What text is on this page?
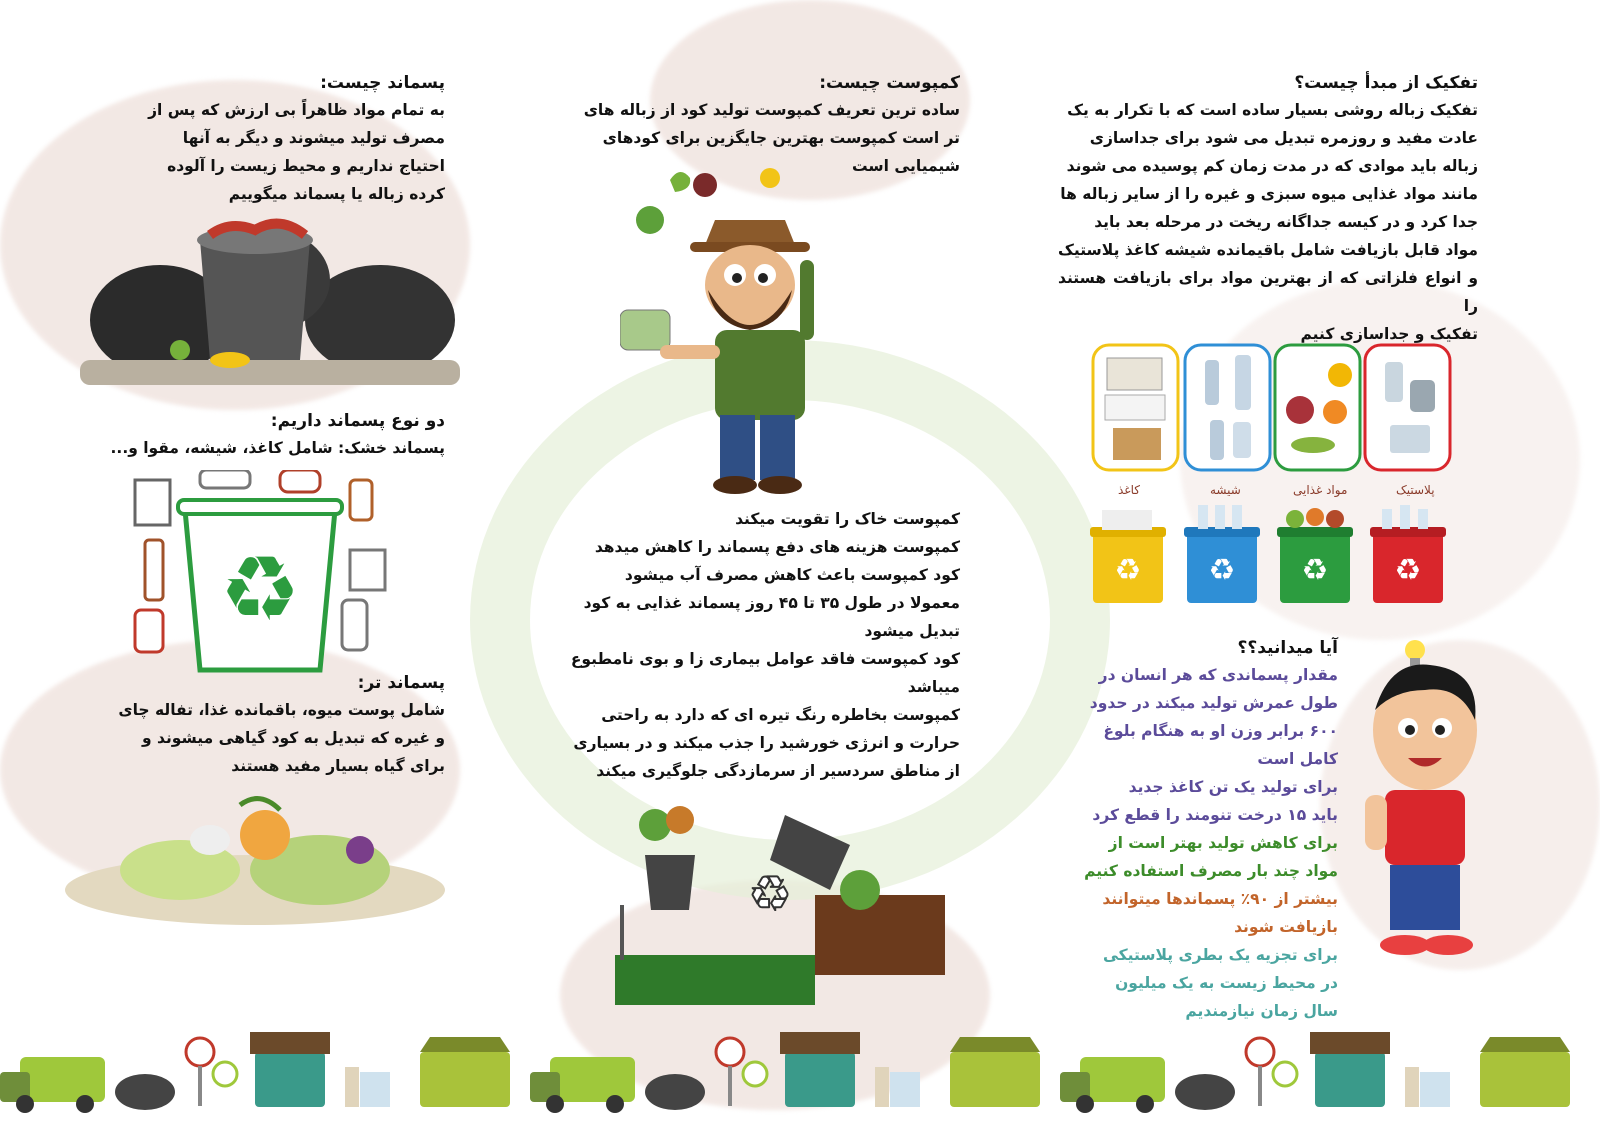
تفکیک از مبدأ چیست؟
تفکیک زباله روشی بسیار ساده است که با تکرار به یک
عادت مفید و روزمره تبدیل می شود برای جداسازی
زباله باید موادی که در مدت زمان کم پوسیده می شوند
مانند مواد غذایی میوه سبزی و غیره را از سایر زباله ها
جدا کرد و در کیسه جداگانه ریخت در مرحله بعد باید
مواد قابل بازیافت شامل باقیمانده شیشه کاغذ پلاستیک
و انواع فلزاتی که از بهترین مواد برای بازیافت هستند را
تفکیک و جداسازی کنیم
پلاستیک
مواد غذایی
شیشه
کاغذ
♻ ♻ ♻ ♻
آیا میدانید؟؟
مقدار پسماندی که هر انسان در
طول عمرش تولید میکند در حدود
۶۰۰ برابر وزن او به هنگام بلوغ
کامل است
برای تولید یک تن کاغذ جدید
باید ۱۵ درخت تنومند را قطع کرد
برای کاهش تولید بهتر است از
مواد چند بار مصرف استفاده کنیم
بیشتر از ۹۰٪ پسماندها میتوانند
بازیافت شوند
برای تجزیه یک بطری پلاستیکی
در محیط زیست به یک میلیون
سال زمان نیازمندیم
کمپوست چیست:
ساده ترین تعریف کمپوست تولید کود از زباله های
تر است کمپوست بهترین جایگزین برای کودهای
شیمیایی است
کمپوست خاک را تقویت میکند
کمپوست هزینه های دفع پسماند را کاهش میدهد
کود کمپوست باعث کاهش مصرف آب میشود
معمولا در طول ۳۵ تا ۴۵ روز پسماند غذایی به کود
تبدیل میشود
کود کمپوست فاقد عوامل بیماری زا و بوی نامطبوع
میباشد
کمپوست بخاطره رنگ تیره ای که دارد به راحتی
حرارت و انرژی خورشید را جذب میکند و در بسیاری
از مناطق سردسیر از سرمازدگی جلوگیری میکند
♻
پسماند چیست:
به تمام مواد ظاهراً بی ارزش که پس از
مصرف تولید میشوند و دیگر به آنها
احتیاج نداریم و محیط زیست را آلوده
کرده زباله یا پسماند میگوییم
دو نوع پسماند داریم:
پسماند خشک: شامل کاغذ، شیشه، مقوا و...
♻
پسماند تر:
شامل پوست میوه، باقمانده غذا، تفاله چای
و غیره که تبدیل به کود گیاهی میشوند و
برای گیاه بسیار مفید هستند
